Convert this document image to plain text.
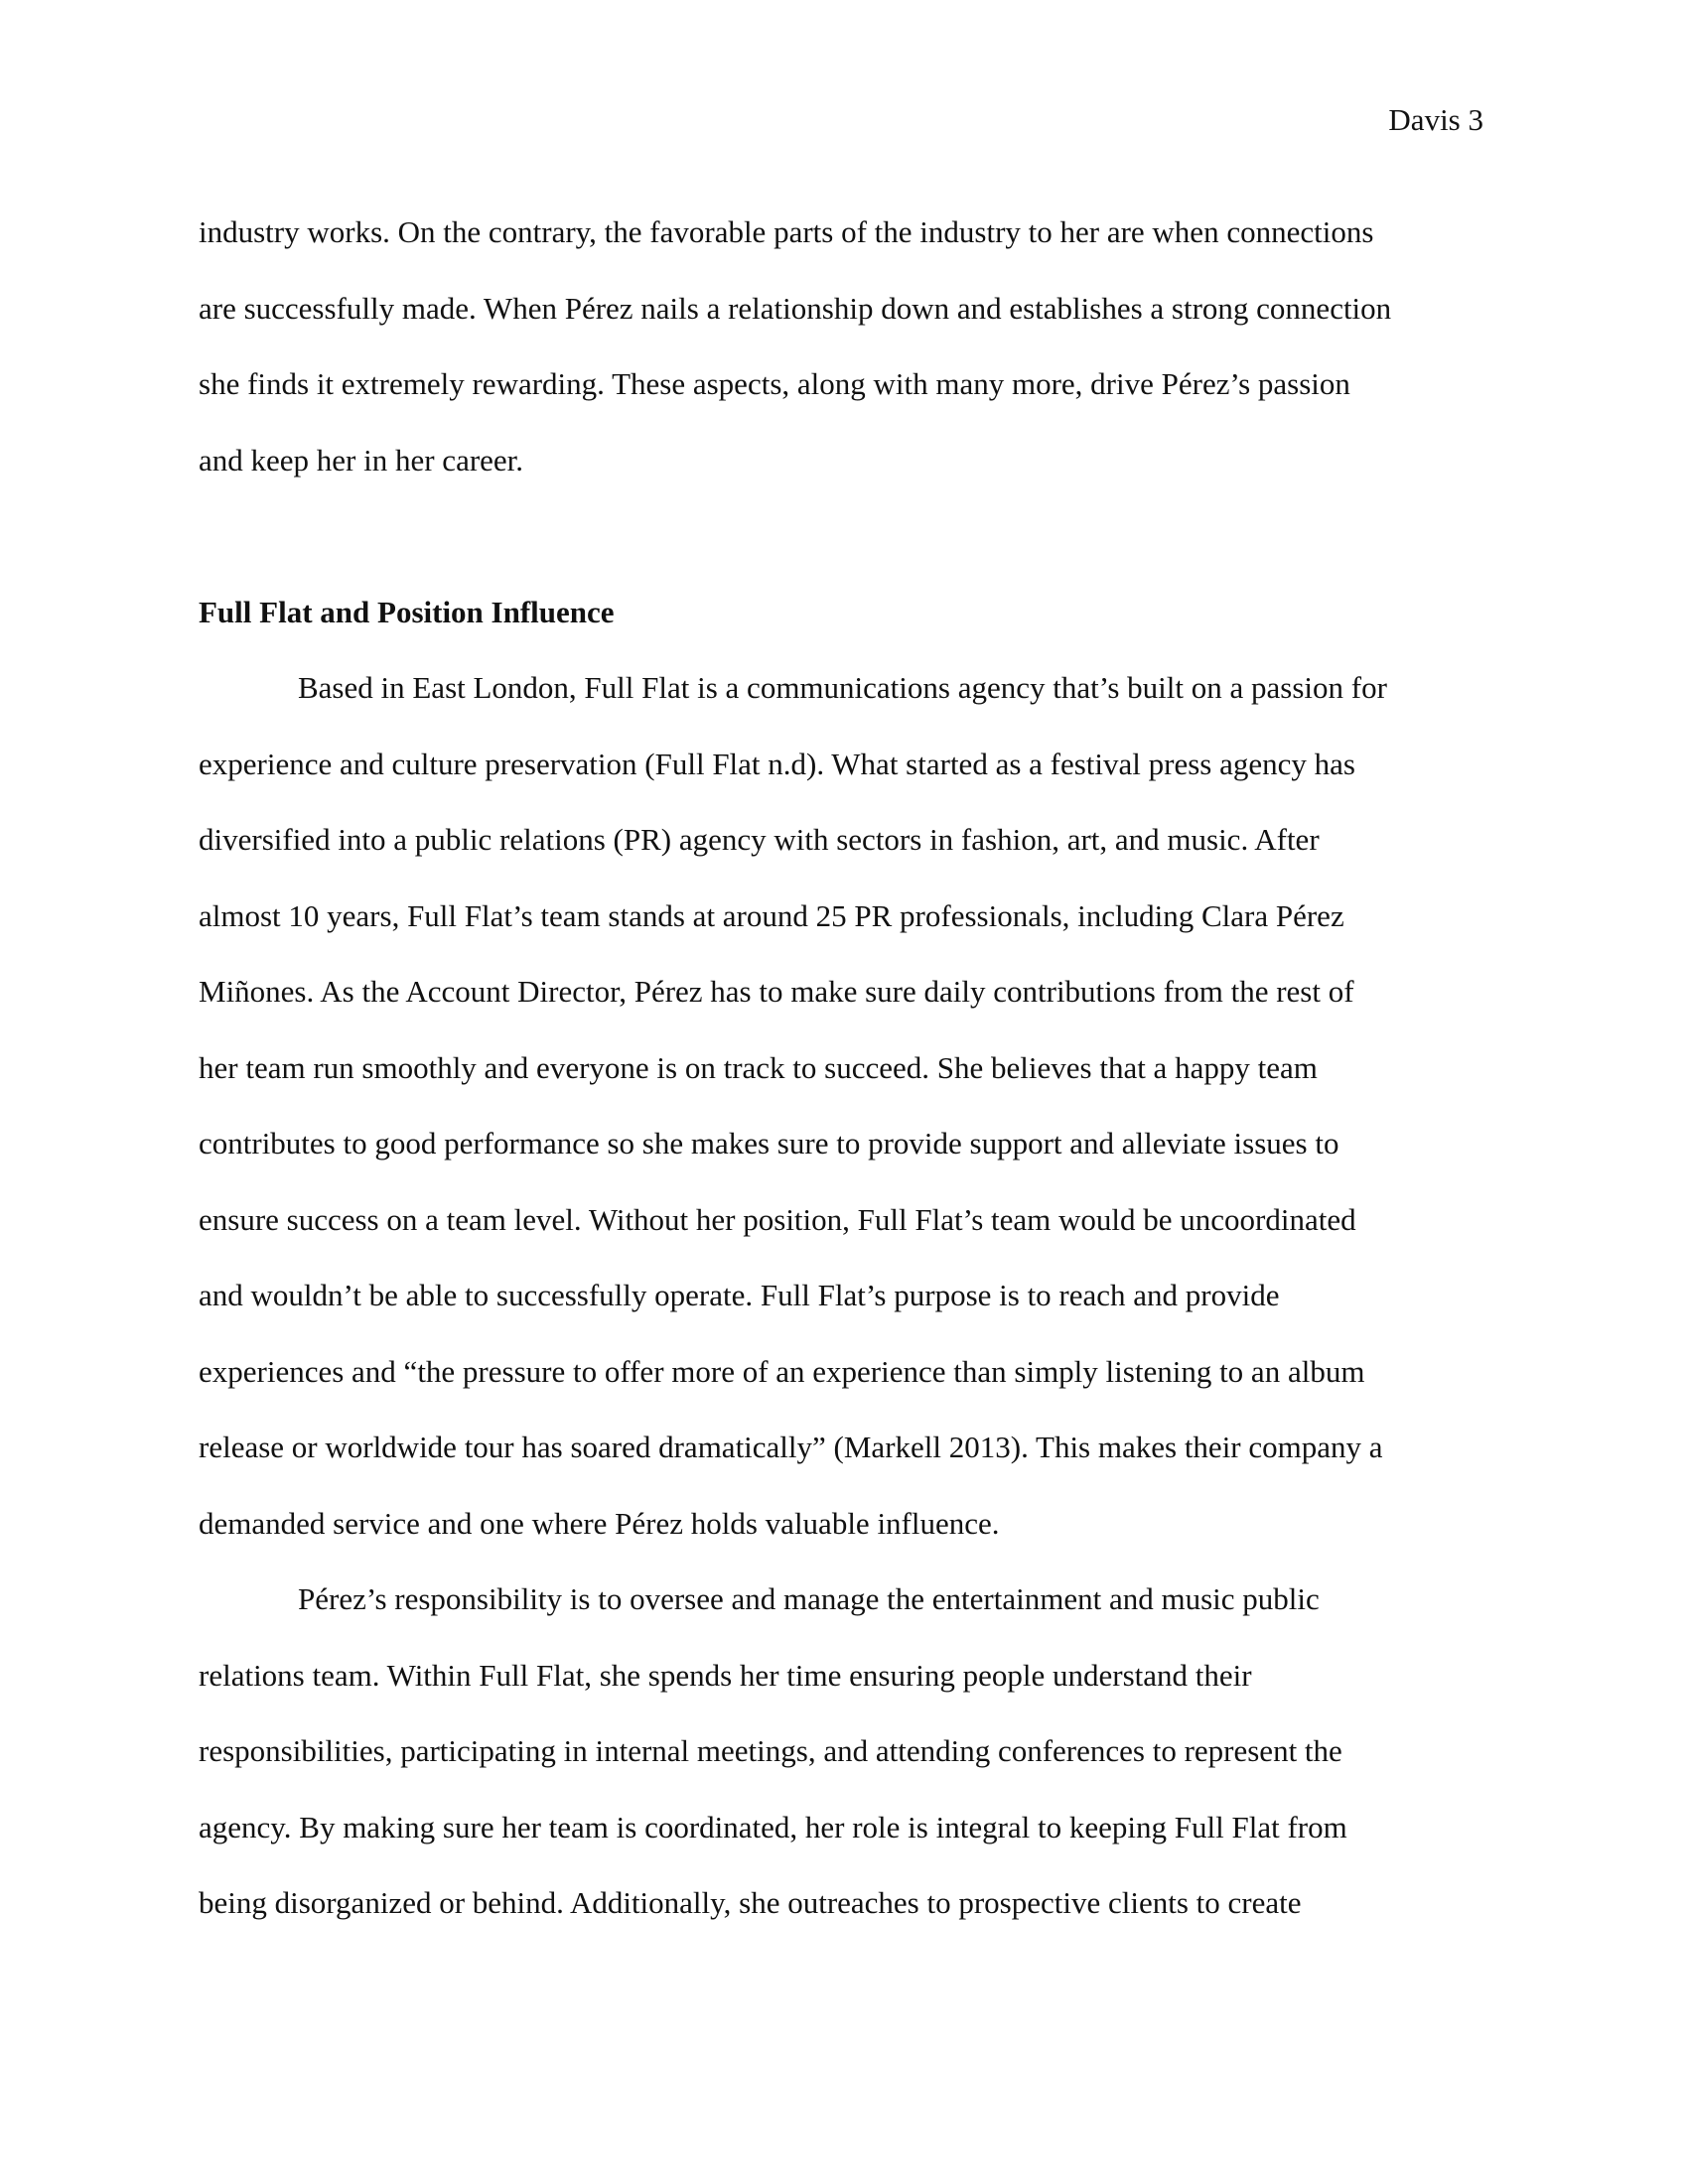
Davis 3
industry works. On the contrary, the favorable parts of the industry to her are when connections
are successfully made. When Pérez nails a relationship down and establishes a strong connection
she finds it extremely rewarding. These aspects, along with many more, drive Pérez’s passion
and keep her in her career.
Full Flat and Position Influence
Based in East London, Full Flat is a communications agency that’s built on a passion for
experience and culture preservation (Full Flat n.d). What started as a festival press agency has
diversified into a public relations (PR) agency with sectors in fashion, art, and music. After
almost 10 years, Full Flat’s team stands at around 25 PR professionals, including Clara Pérez
Miñones. As the Account Director, Pérez has to make sure daily contributions from the rest of
her team run smoothly and everyone is on track to succeed. She believes that a happy team
contributes to good performance so she makes sure to provide support and alleviate issues to
ensure success on a team level. Without her position, Full Flat’s team would be uncoordinated
and wouldn’t be able to successfully operate. Full Flat’s purpose is to reach and provide
experiences and “the pressure to offer more of an experience than simply listening to an album
release or worldwide tour has soared dramatically” (Markell 2013). This makes their company a
demanded service and one where Pérez holds valuable influence.
Pérez’s responsibility is to oversee and manage the entertainment and music public
relations team. Within Full Flat, she spends her time ensuring people understand their
responsibilities, participating in internal meetings, and attending conferences to represent the
agency. By making sure her team is coordinated, her role is integral to keeping Full Flat from
being disorganized or behind. Additionally, she outreaches to prospective clients to create
